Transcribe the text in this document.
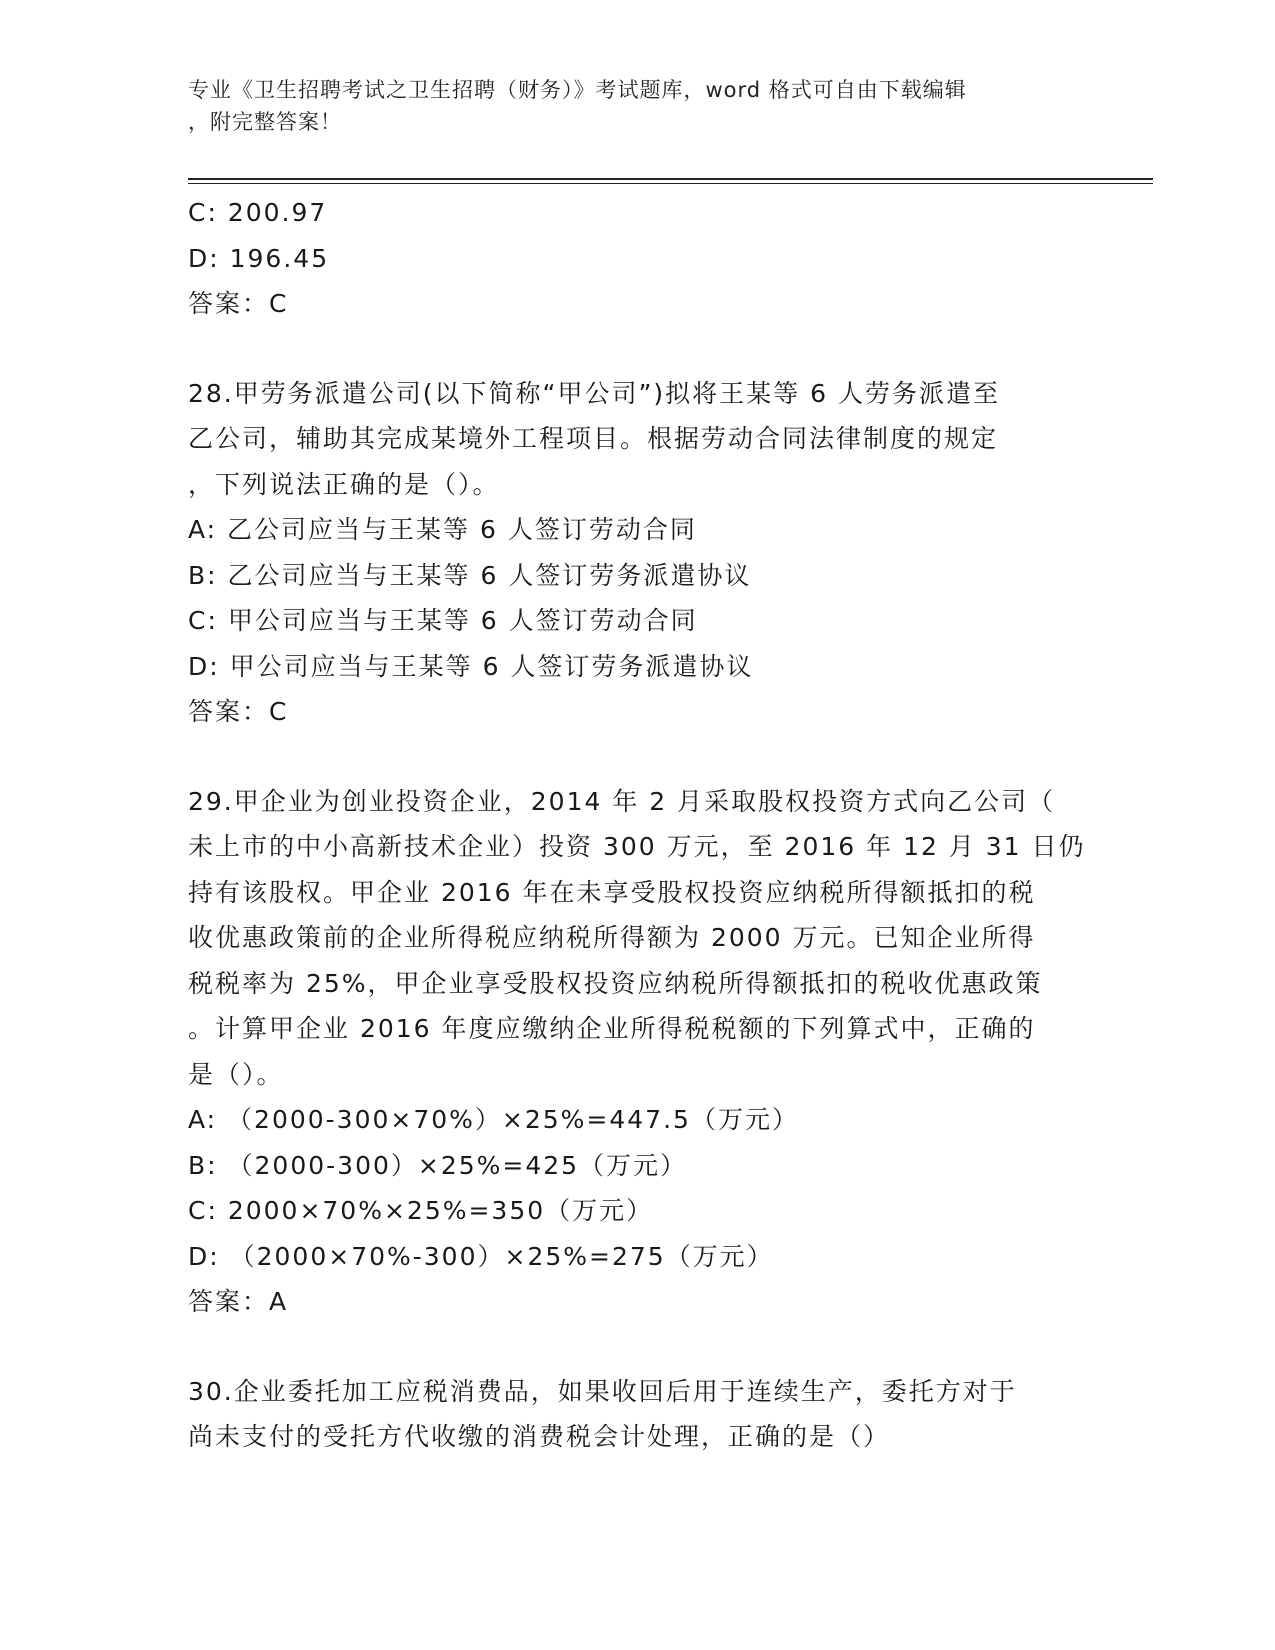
专业《卫生招聘考试之卫生招聘（财务）》考试题库，word 格式可自由下载编辑
，附完整答案！
C: 200.97
D: 196.45
答案：C
28.甲劳务派遣公司(以下简称“甲公司”)拟将王某等 6 人劳务派遣至
乙公司，辅助其完成某境外工程项目。根据劳动合同法律制度的规定
，下列说法正确的是（）。
A: 乙公司应当与王某等 6 人签订劳动合同
B: 乙公司应当与王某等 6 人签订劳务派遣协议
C: 甲公司应当与王某等 6 人签订劳动合同
D: 甲公司应当与王某等 6 人签订劳务派遣协议
答案：C
29.甲企业为创业投资企业，2014 年 2 月采取股权投资方式向乙公司（
未上市的中小高新技术企业）投资 300 万元，至 2016 年 12 月 31 日仍
持有该股权。甲企业 2016 年在未享受股权投资应纳税所得额抵扣的税
收优惠政策前的企业所得税应纳税所得额为 2000 万元。已知企业所得
税税率为 25%，甲企业享受股权投资应纳税所得额抵扣的税收优惠政策
。计算甲企业 2016 年度应缴纳企业所得税税额的下列算式中，正确的
是（）。
A: （2000-300×70%）×25%=447.5（万元）
B: （2000-300）×25%=425（万元）
C: 2000×70%×25%=350（万元）
D: （2000×70%-300）×25%=275（万元）
答案：A
30.企业委托加工应税消费品，如果收回后用于连续生产，委托方对于
尚未支付的受托方代收缴的消费税会计处理，正确的是（）
